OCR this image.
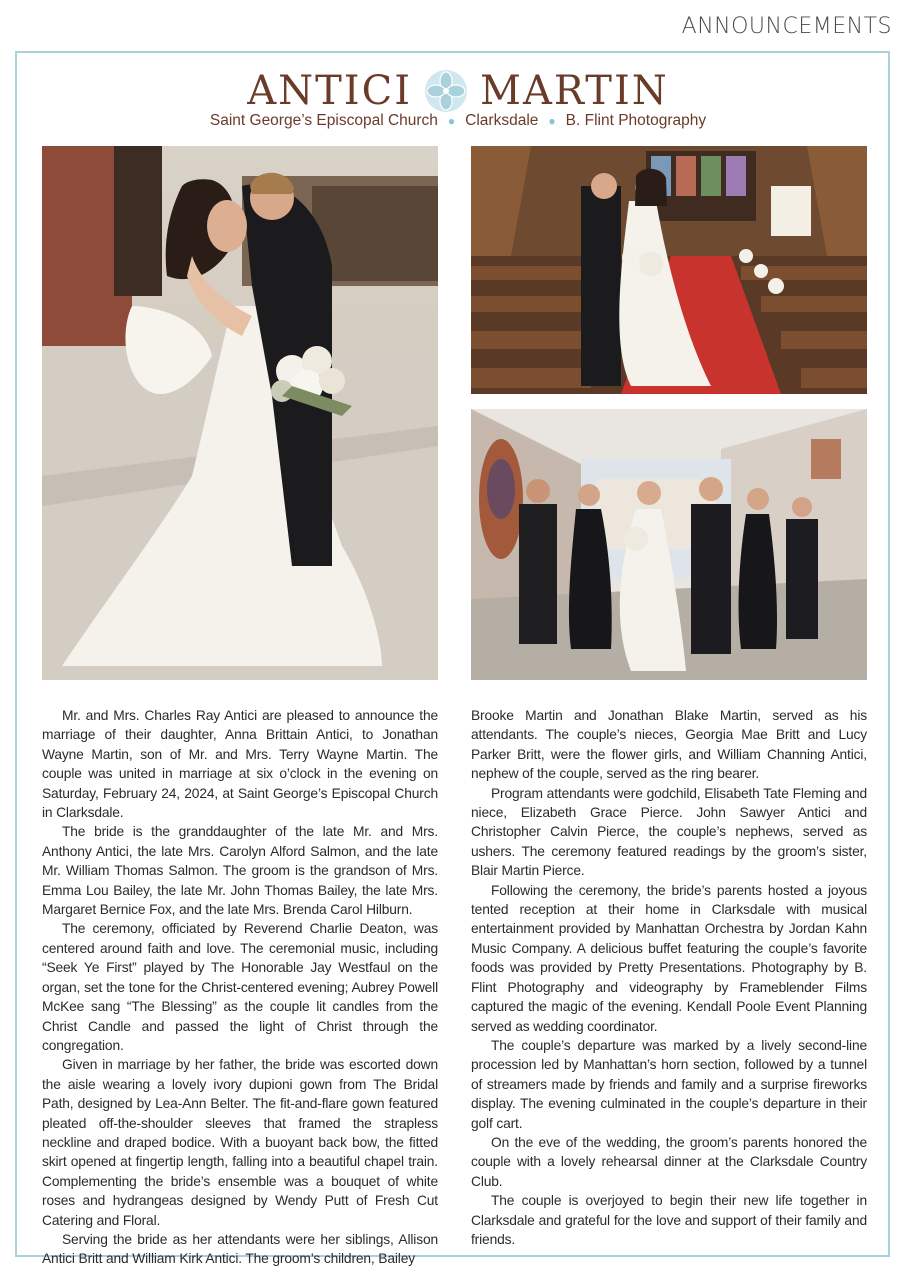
ANNOUNCEMENTS
ANTICI MARTIN
Saint George’s Episcopal Church ● Clarksdale ● B. Flint Photography

Mr. and Mrs. Charles Ray Antici are pleased to announce the marriage of their daughter, Anna Brittain Antici, to Jonathan Wayne Martin, son of Mr. and Mrs. Terry Wayne Martin. The couple was united in marriage at six o’clock in the evening on Saturday, February 24, 2024, at Saint George’s Episcopal Church in Clarksdale.

The bride is the granddaughter of the late Mr. and Mrs. Anthony Antici, the late Mrs. Carolyn Alford Salmon, and the late Mr. William Thomas Salmon. The groom is the grandson of Mrs. Emma Lou Bailey, the late Mr. John Thomas Bailey, the late Mrs. Margaret Bernice Fox, and the late Mrs. Brenda Carol Hilburn.

The ceremony, officiated by Reverend Charlie Deaton, was centered around faith and love. The ceremonial music, including “Seek Ye First” played by The Honorable Jay Westfaul on the organ, set the tone for the Christ-centered evening; Aubrey Powell McKee sang “The Blessing” as the couple lit candles from the Christ Candle and passed the light of Christ through the congregation.

Given in marriage by her father, the bride was escorted down the aisle wearing a lovely ivory dupioni gown from The Bridal Path, designed by Lea-Ann Belter. The fit-and-flare gown featured pleated off-the-shoulder sleeves that framed the strapless neckline and draped bodice. With a buoyant back bow, the fitted skirt opened at fingertip length, falling into a beautiful chapel train. Complementing the bride’s ensemble was a bouquet of white roses and hydrangeas designed by Wendy Putt of Fresh Cut Catering and Floral.

Serving the bride as her attendants were her siblings, Allison Antici Britt and William Kirk Antici. The groom’s children, Bailey

Brooke Martin and Jonathan Blake Martin, served as his attendants. The couple’s nieces, Georgia Mae Britt and Lucy Parker Britt, were the flower girls, and William Channing Antici, nephew of the couple, served as the ring bearer.

Program attendants were godchild, Elisabeth Tate Fleming and niece, Elizabeth Grace Pierce. John Sawyer Antici and Christopher Calvin Pierce, the couple’s nephews, served as ushers. The ceremony featured readings by the groom’s sister, Blair Martin Pierce.

Following the ceremony, the bride’s parents hosted a joyous tented reception at their home in Clarksdale with musical entertainment provided by Manhattan Orchestra by Jordan Kahn Music Company. A delicious buffet featuring the couple’s favorite foods was provided by Pretty Presentations. Photography by B. Flint Photography and videography by Frameblender Films captured the magic of the evening. Kendall Poole Event Planning served as wedding coordinator.

The couple’s departure was marked by a lively second-line procession led by Manhattan’s horn section, followed by a tunnel of streamers made by friends and family and a surprise fireworks display. The evening culminated in the couple’s departure in their golf cart.

On the eve of the wedding, the groom’s parents honored the couple with a lovely rehearsal dinner at the Clarksdale Country Club.

The couple is overjoyed to begin their new life together in Clarksdale and grateful for the love and support of their family and friends.
